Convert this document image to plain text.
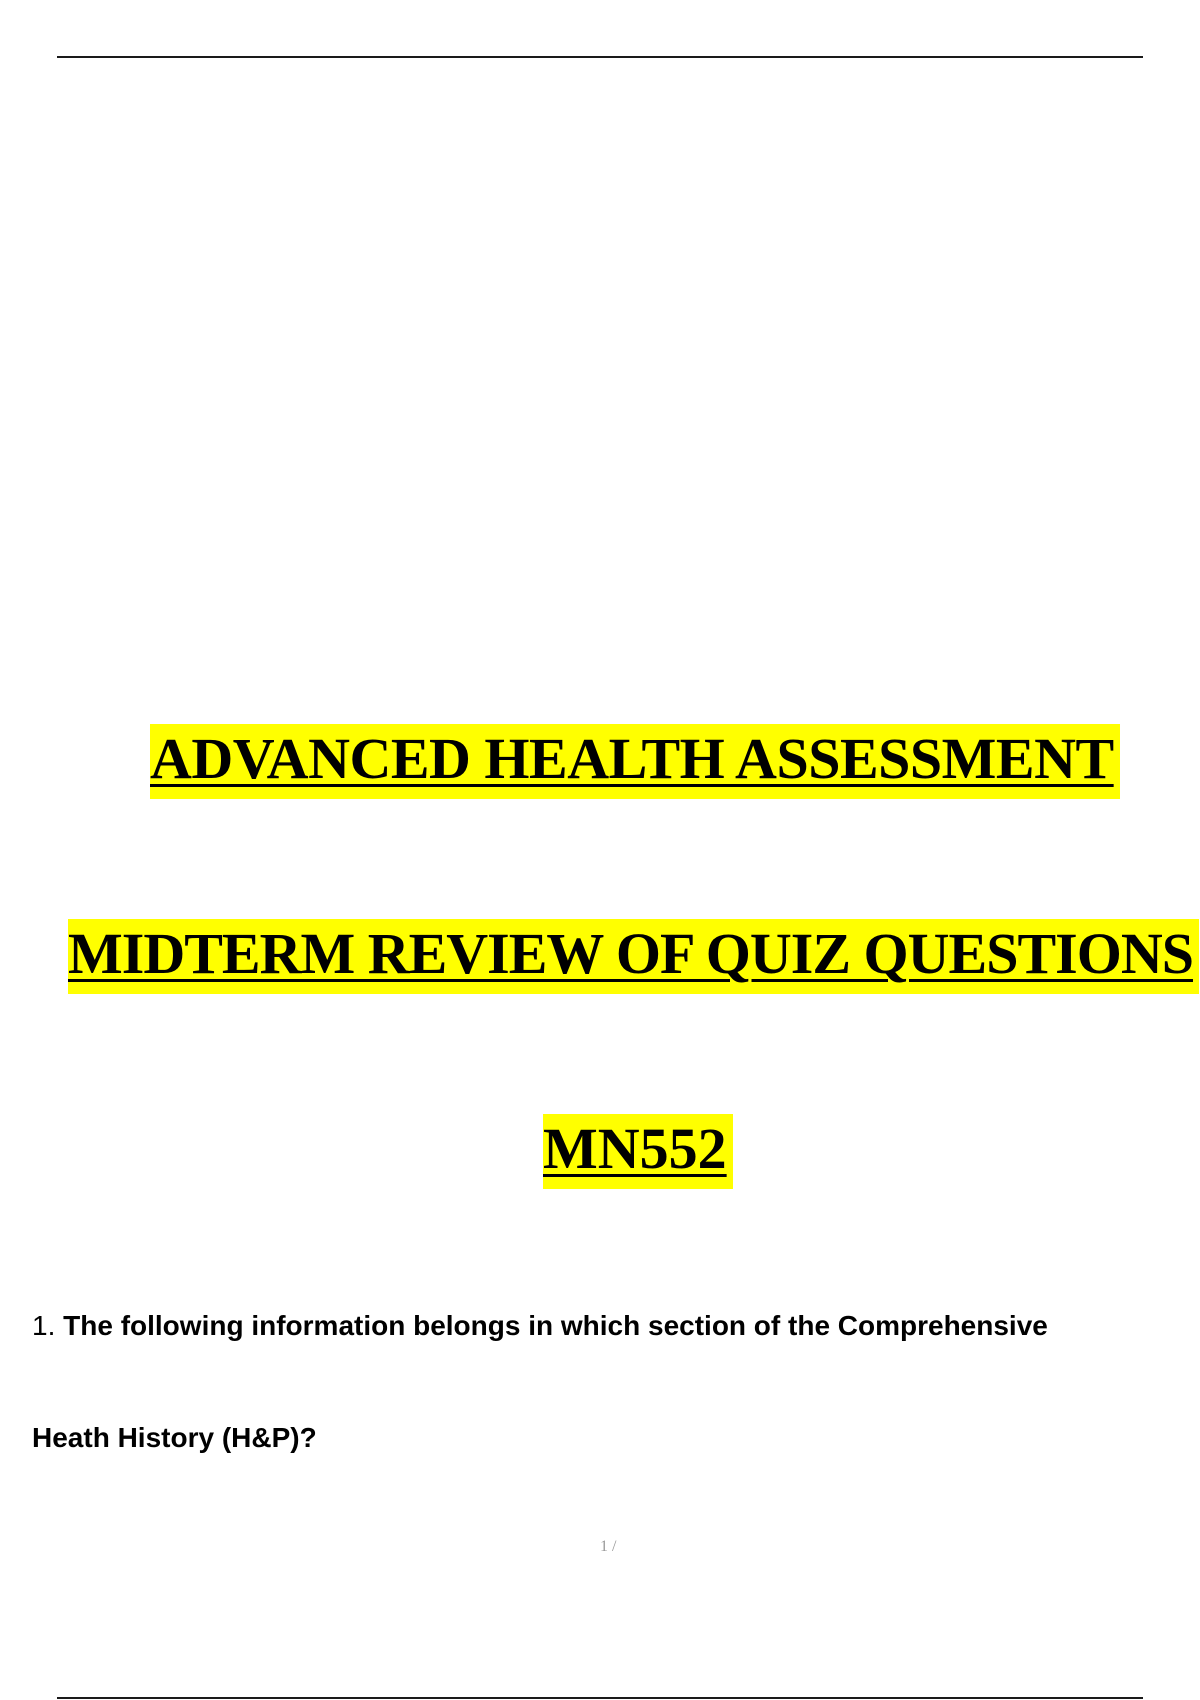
ADVANCED HEALTH ASSESSMENT
MIDTERM REVIEW OF QUIZ QUESTIONS
MN552
1. The following information belongs in which section of the Comprehensive
Heath History (H&P)?
1 /
